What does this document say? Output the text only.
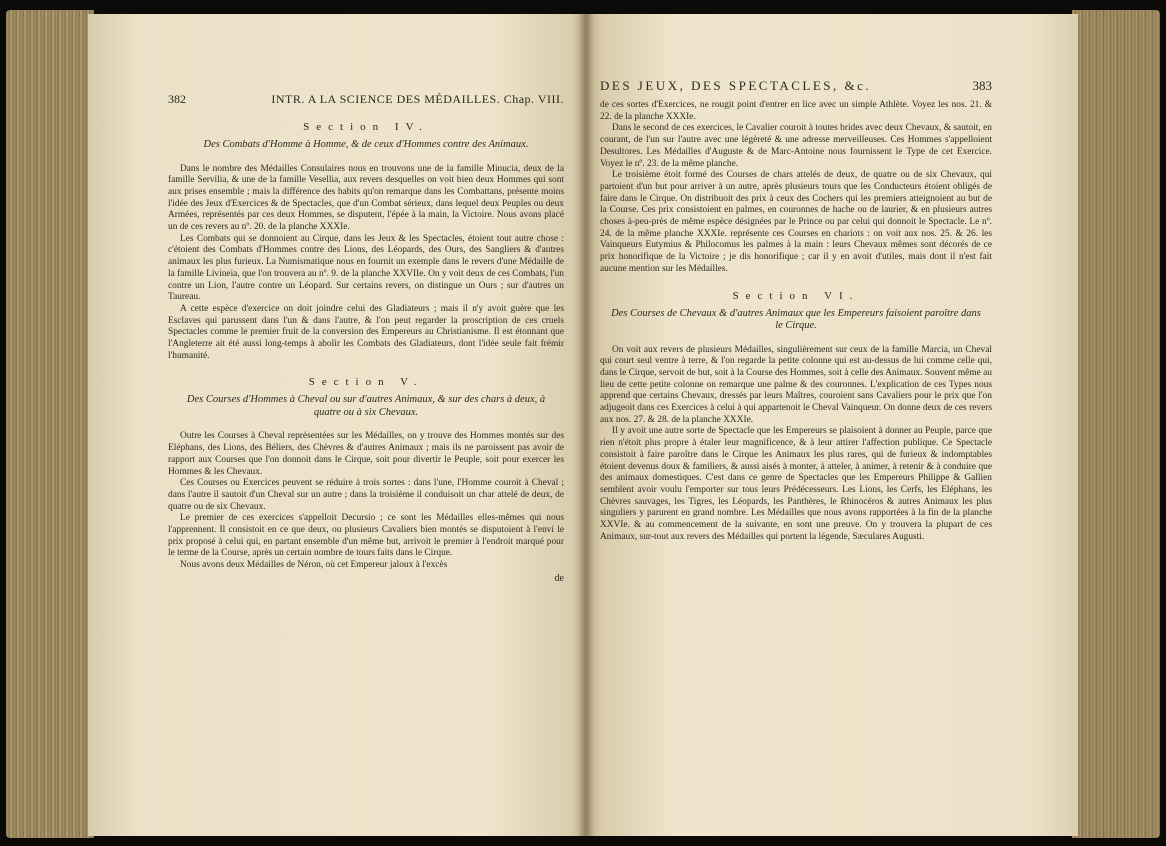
382	INTR. A LA SCIENCE DES MÉDAILLES. Chap. VIII.
Section IV.
Des Combats d'Homme à Homme, & de ceux d'Hommes contre des Animaux.

Dans le nombre des Médailles Consulaires nous en trouvons une de la famille Minucia, deux de la famille Servilia, & une de la famille Vesellia, aux revers desquelles on voit bien deux Hommes qui sont aux prises ensemble ; mais la différence des habits qu'on remarque dans les Combattans, présente moins l'idée des Jeux d'Exercices & de Spectacles, que d'un Combat sérieux, dans lequel deux Peuples ou deux Armées, représentés par ces deux Hommes, se disputent, l'épée à la main, la Victoire. Nous avons placé un de ces revers au nº. 20. de la planche XXXIe.

Les Combats qui se donnoient au Cirque, dans les Jeux & les Spectacles, étoient tout autre chose : c'étoient des Combats d'Hommes contre des Lions, des Léopards, des Ours, des Sangliers & d'autres animaux les plus furieux. La Numismatique nous en fournit un exemple dans le revers d'une Médaille de la famille Livineia, que l'on trouvera au nº. 9. de la planche XXVIIe. On y voit deux de ces Combats, l'un contre un Lion, l'autre contre un Léopard. Sur certains revers, on distingue un Ours ; sur d'autres un Taureau.

A cette espèce d'exercice on doit joindre celui des Gladiateurs ; mais il n'y avoit guère que les Esclaves qui parussent dans l'un & dans l'autre, & l'on peut regarder la proscription de ces cruels Spectacles comme le premier fruit de la conversion des Empereurs au Christianisme. Il est étonnant que l'Angleterre ait été aussi long-temps à abolir les Combats des Gladiateurs, dont l'idée seule fait frémir l'humanité.

Section V.
Des Courses d'Hommes à Cheval ou sur d'autres Animaux, & sur des chars à deux, à quatre ou à six Chevaux.

Outre les Courses à Cheval représentées sur les Médailles, on y trouve des Hommes montés sur des Eléphans, des Lions, des Béliers, des Chèvres & d'autres Animaux ; mais ils ne paroissent pas avoir de rapport aux Courses que l'on donnoit dans le Cirque, soit pour divertir le Peuple, soit pour exercer les Hommes & les Chevaux.

Ces Courses ou Exercices peuvent se réduire à trois sortes : dans l'une, l'Homme couroit à Cheval ; dans l'autre il sautoit d'un Cheval sur un autre ; dans la troisième il conduisoit un char attelé de deux, de quatre ou de six Chevaux.

Le premier de ces exercices s'appelloit Decursio ; ce sont les Médailles elles-mêmes qui nous l'apprennent. Il consistoit en ce que deux, ou plusieurs Cavaliers bien montés se disputoient à l'envi le prix proposé à celui qui, en partant ensemble d'un même but, arrivoit le premier à l'endroit marqué pour le terme de la Course, après un certain nombre de tours faits dans le Cirque.

Nous avons deux Médailles de Néron, où cet Empereur jaloux à l'excès

de
DES JEUX, DES SPECTACLES, &c.	383

de ces sortes d'Exercices, ne rougit point d'entrer en lice avec un simple Athlète. Voyez les nos. 21. & 22. de la planche XXXIe.

Dans le second de ces exercices, le Cavalier couroit à toutes brides avec deux Chevaux, & sautoit, en courant, de l'un sur l'autre avec une légèreté & une adresse merveilleuses. Ces Hommes s'appelloient Desultores. Les Médailles d'Auguste & de Marc-Antoine nous fournissent le Type de cet Exercice. Voyez le nº. 23. de la même planche.

Le troisième étoit formé des Courses de chars attelés de deux, de quatre ou de six Chevaux, qui partoient d'un but pour arriver à un autre, après plusieurs tours que les Conducteurs étoient obligés de faire dans le Cirque. On distribuoit des prix à ceux des Cochers qui les premiers atteignoient au but de la Course. Ces prix consistoient en palmes, en couronnes de hache ou de laurier, & en plusieurs autres choses à-peu-près de même espèce désignées par le Prince ou par celui qui donnoit le Spectacle. Le nº. 24. de la même planche XXXIe. représente ces Courses en chariots : on voit aux nos. 25. & 26. les Vainqueurs Eutymius & Philocomus les palmes à la main : leurs Chevaux mêmes sont décorés de ce prix honorifique de la Victoire ; je dis honorifique ; car il y en avoit d'utiles, mais dont il n'est fait aucune mention sur les Médailles.

Section VI.
Des Courses de Chevaux & d'autres Animaux que les Empereurs faisoient paroître dans le Cirque.

On voit aux revers de plusieurs Médailles, singulièrement sur ceux de la famille Marcia, un Cheval qui court seul ventre à terre, & l'on regarde la petite colonne qui est au-dessus de lui comme celle qui, dans le Cirque, servoit de but, soit à la Course des Hommes, soit à celle des Animaux. Souvent même au lieu de cette petite colonne on remarque une palme & des couronnes. L'explication de ces Types nous apprend que certains Chevaux, dressés par leurs Maîtres, couroient sans Cavaliers pour le prix que l'on adjugeoit dans ces Exercices à celui à qui appartenoit le Cheval Vainqueur. On donne deux de ces revers aux nos. 27. & 28. de la planche XXXIe.

Il y avoit une autre sorte de Spectacle que les Empereurs se plaisoient à donner au Peuple, parce que rien n'étoit plus propre à étaler leur magnificence, & à leur attirer l'affection publique. Ce Spectacle consistoit à faire paroître dans le Cirque les Animaux les plus rares, qui de furieux & indomptables étoient devenus doux & familiers, & aussi aisés à monter, à atteler, à animer, à retenir & à conduire que des animaux domestiques. C'est dans ce genre de Spectacles que les Empereurs Philippe & Gallien semblent avoir voulu l'emporter sur tous leurs Prédécesseurs. Les Lions, les Cerfs, les Eléphans, les Chèvres sauvages, les Tigres, les Léopards, les Panthères, le Rhinocéros & autres Animaux les plus singuliers y parurent en grand nombre. Les Médailles que nous avons rapportées à la fin de la planche XXVIe. & au commencement de la suivante, en sont une preuve. On y trouvera la plupart de ces Animaux, sur-tout aux revers des Médailles qui portent la légende, Sæculares Augusti.
